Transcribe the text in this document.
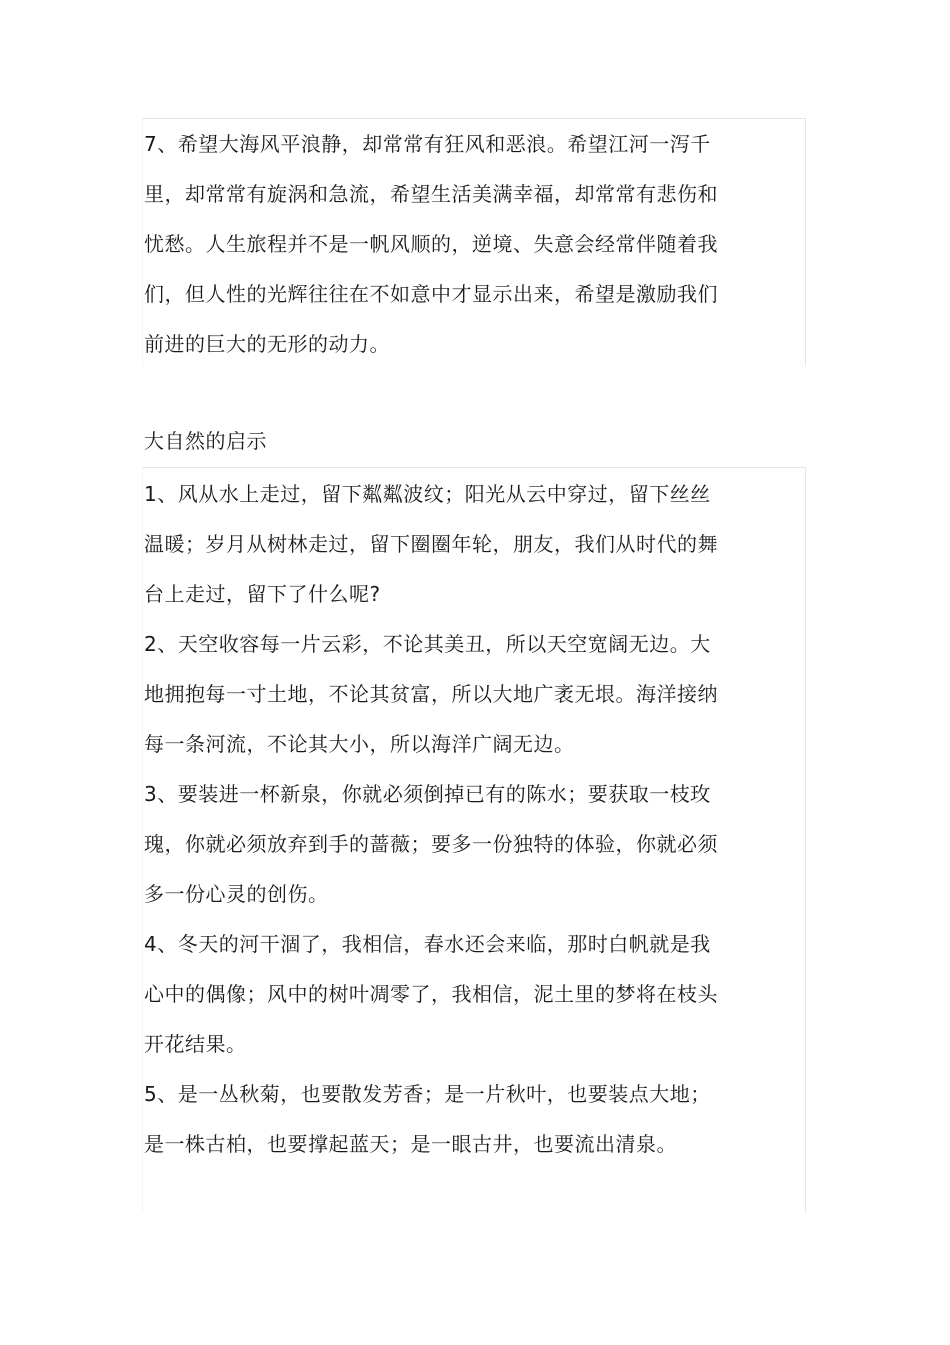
7、希望大海风平浪静，却常常有狂风和恶浪。希望江河一泻千
里，却常常有旋涡和急流，希望生活美满幸福，却常常有悲伤和
忧愁。人生旅程并不是一帆风顺的，逆境、失意会经常伴随着我
们，但人性的光辉往往在不如意中才显示出来，希望是激励我们
前进的巨大的无形的动力。
大自然的启示
1、风从水上走过，留下粼粼波纹；阳光从云中穿过，留下丝丝
温暖；岁月从树林走过，留下圈圈年轮，朋友，我们从时代的舞
台上走过，留下了什么呢?
2、天空收容每一片云彩，不论其美丑，所以天空宽阔无边。大
地拥抱每一寸土地，不论其贫富，所以大地广袤无垠。海洋接纳
每一条河流，不论其大小，所以海洋广阔无边。
3、要装进一杯新泉，你就必须倒掉已有的陈水；要获取一枝玫
瑰，你就必须放弃到手的蔷薇；要多一份独特的体验，你就必须
多一份心灵的创伤。
4、冬天的河干涸了，我相信，春水还会来临，那时白帆就是我
心中的偶像；风中的树叶凋零了，我相信，泥土里的梦将在枝头
开花结果。
5、是一丛秋菊，也要散发芳香；是一片秋叶，也要装点大地；
是一株古柏，也要撑起蓝天；是一眼古井，也要流出清泉。
